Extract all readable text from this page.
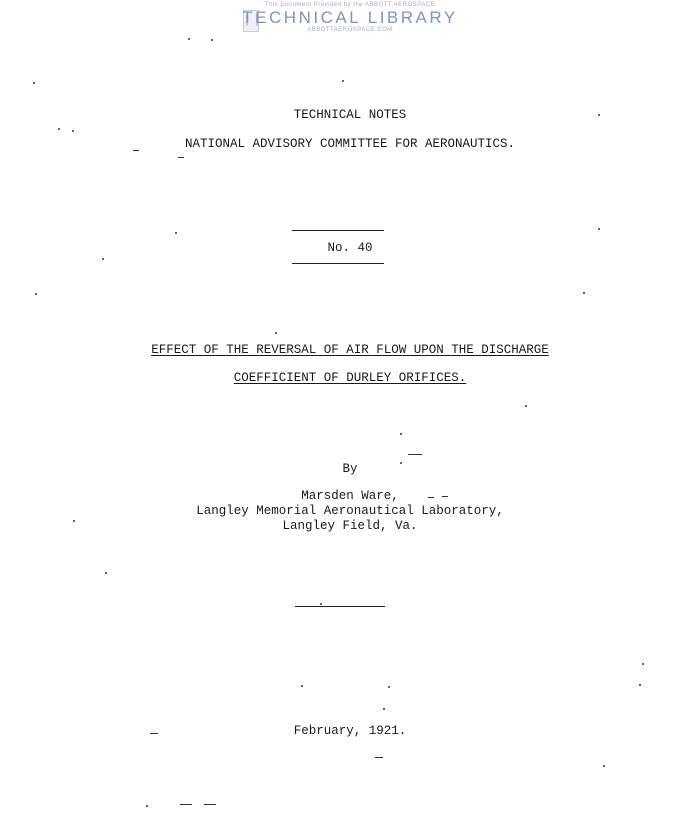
This Document Provided by the ABBOTT AEROSPACE
TECHNICAL LIBRARY
ABBOTTAEROSPACE.COM
TECHNICAL NOTES
NATIONAL ADVISORY COMMITTEE FOR AERONAUTICS.
No. 40
EFFECT OF THE REVERSAL OF AIR FLOW UPON THE DISCHARGE
COEFFICIENT OF DURLEY ORIFICES.
By
Marsden Ware,
Langley Memorial Aeronautical Laboratory,
Langley Field, Va.
February, 1921.
